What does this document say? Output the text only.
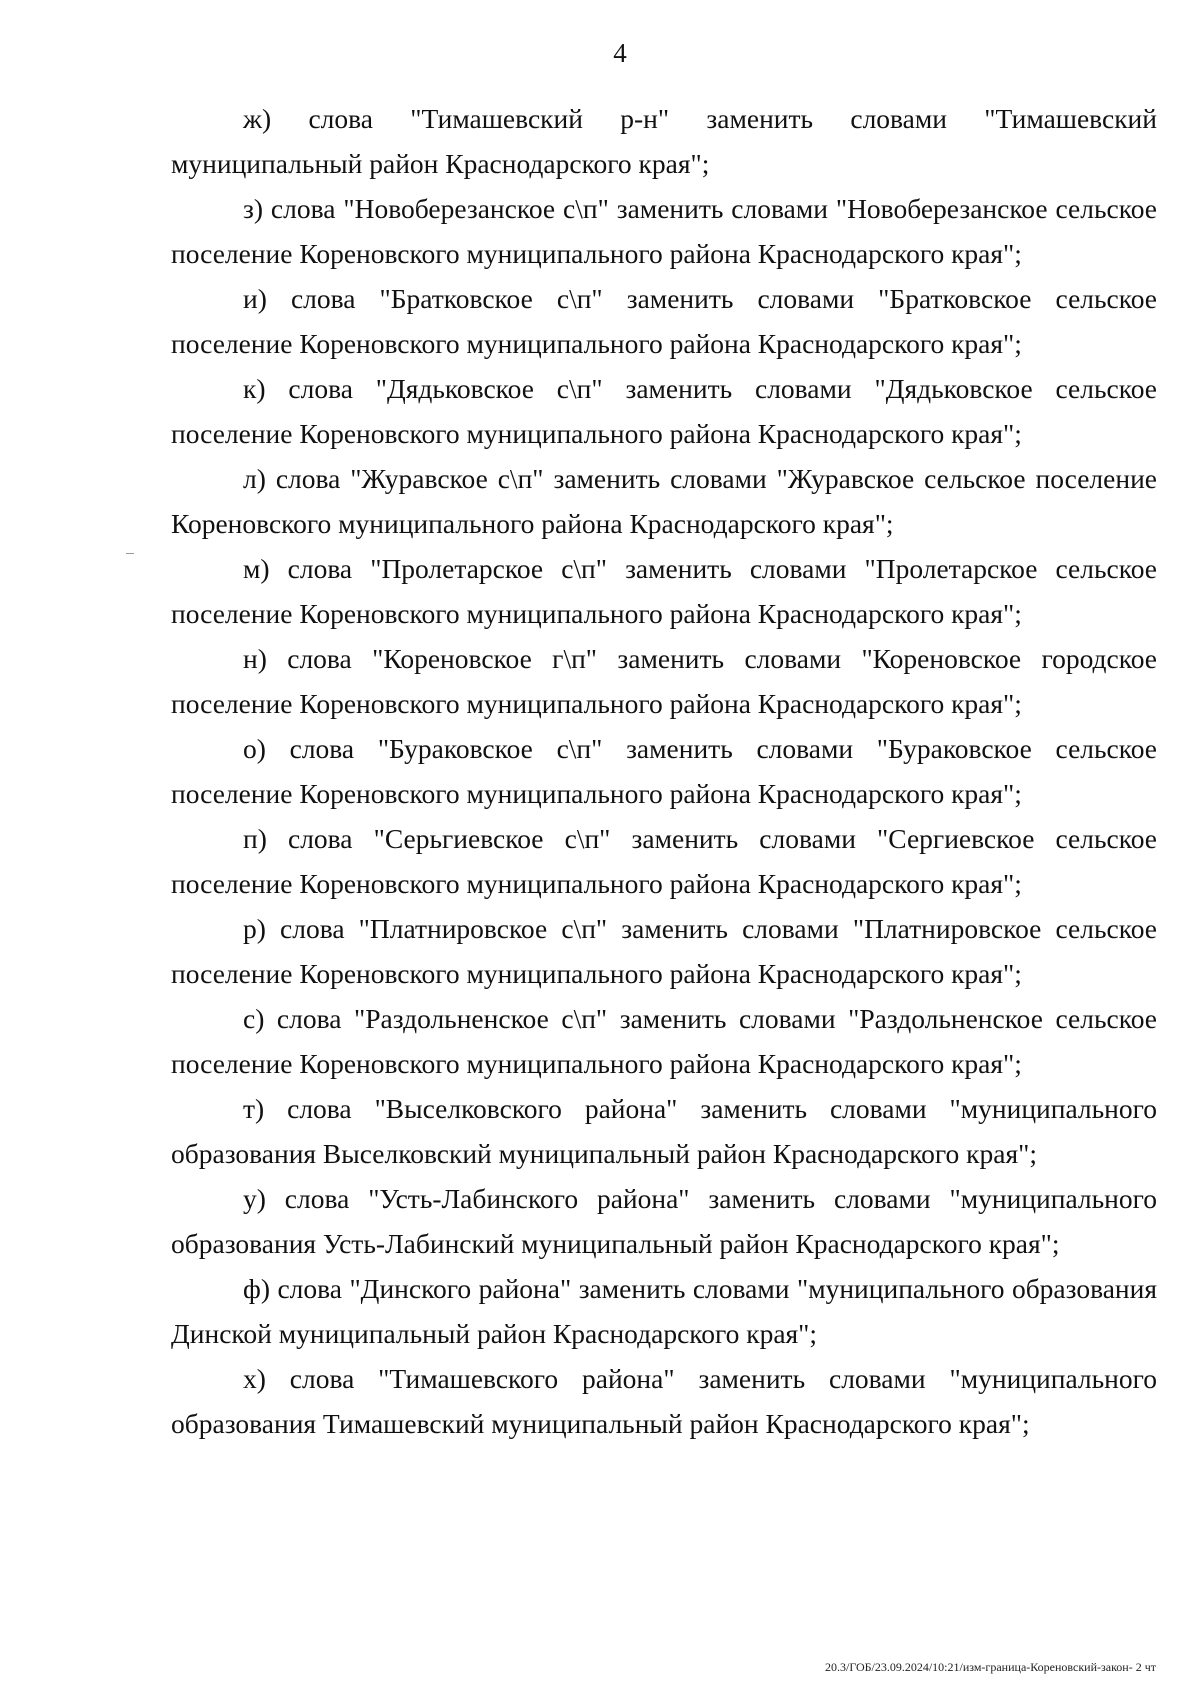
4

ж) слова "Тимашевский р-н" заменить словами "Тимашевский муниципальный район Краснодарского края";

з) слова "Новоберезанское с\п" заменить словами "Новоберезанское сельское поселение Кореновского муниципального района Краснодарского края";

и) слова "Братковское с\п" заменить словами "Братковское сельское поселение Кореновского муниципального района Краснодарского края";

к) слова "Дядьковское с\п" заменить словами "Дядьковское сельское поселение Кореновского муниципального района Краснодарского края";

л) слова "Журавское с\п" заменить словами "Журавское сельское поселение Кореновского муниципального района Краснодарского края";

м) слова "Пролетарское с\п" заменить словами "Пролетарское сельское поселение Кореновского муниципального района Краснодарского края";

н) слова "Кореновское г\п" заменить словами "Кореновское городское поселение Кореновского муниципального района Краснодарского края";

о) слова "Бураковское с\п" заменить словами "Бураковское сельское поселение Кореновского муниципального района Краснодарского края";

п) слова "Серьгиевское с\п" заменить словами "Сергиевское сельское поселение Кореновского муниципального района Краснодарского края";

р) слова "Платнировское с\п" заменить словами "Платнировское сельское поселение Кореновского муниципального района Краснодарского края";

с) слова "Раздольненское с\п" заменить словами "Раздольненское сельское поселение Кореновского муниципального района Краснодарского края";

т) слова "Выселковского района" заменить словами "муниципального образования Выселковский муниципальный район Краснодарского края";

у) слова "Усть-Лабинского района" заменить словами "муниципального образования Усть-Лабинский муниципальный район Краснодарского края";

ф) слова "Динского района" заменить словами "муниципального образования Динской муниципальный район Краснодарского края";

х) слова "Тимашевского района" заменить словами "муниципального образования Тимашевский муниципальный район Краснодарского края";

20.3/ГОБ/23.09.2024/10:21/изм-граница-Кореновский-закон- 2 чт
